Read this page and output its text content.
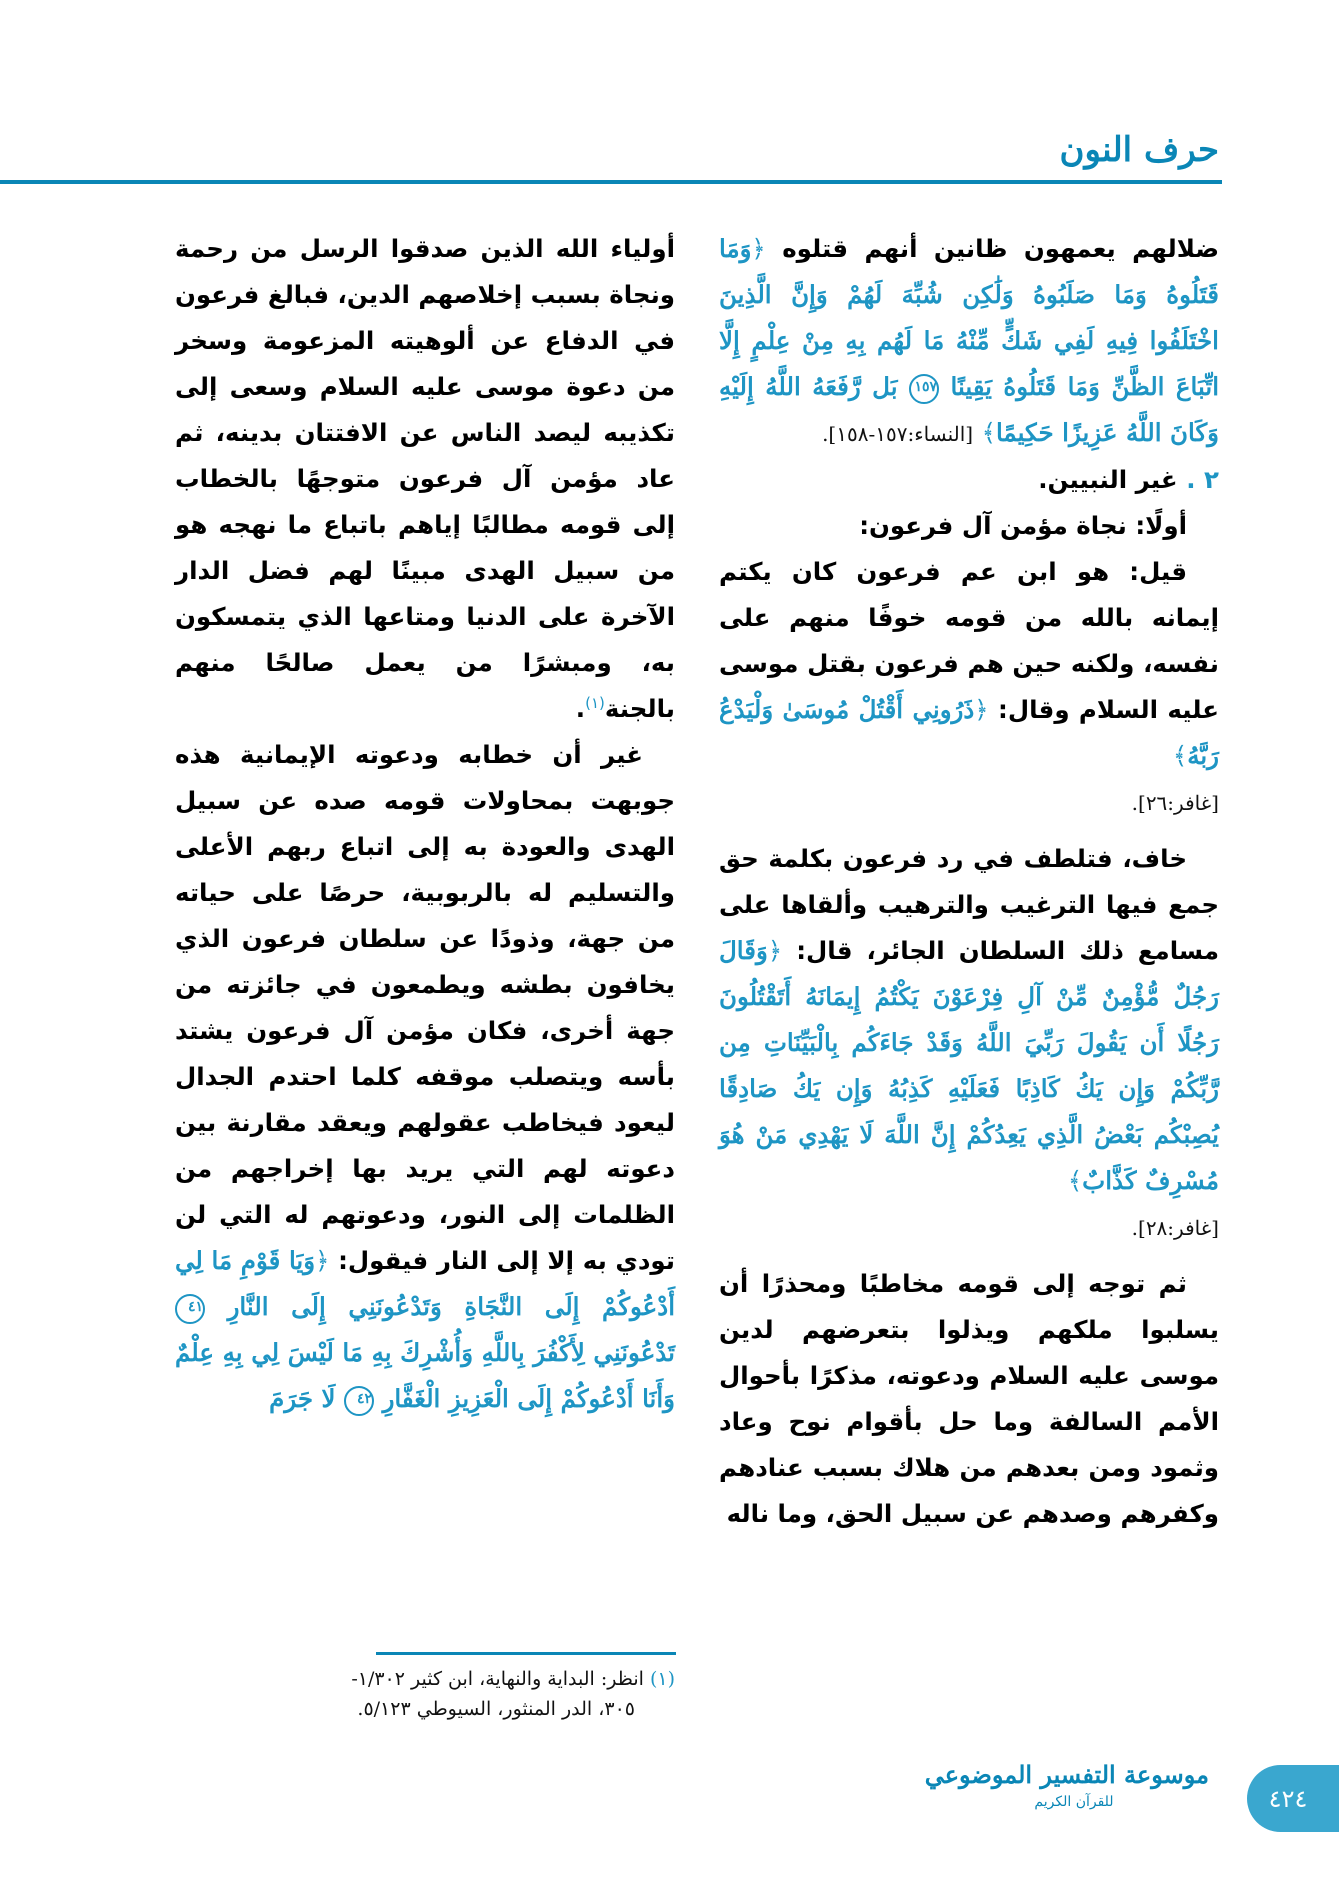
حرف النون

ضلالهم يعمهون ظانين أنهم قتلوه ﴿وَمَا قَتَلُوهُ وَمَا صَلَبُوهُ وَلَٰكِن شُبِّهَ لَهُمْ وَإِنَّ الَّذِينَ اخْتَلَفُوا فِيهِ لَفِي شَكٍّ مِّنْهُ مَا لَهُم بِهِ مِنْ عِلْمٍ إِلَّا اتِّبَاعَ الظَّنِّ وَمَا قَتَلُوهُ يَقِينًا ١٥٧ بَل رَّفَعَهُ اللَّهُ إِلَيْهِ وَكَانَ اللَّهُ عَزِيزًا حَكِيمًا﴾ [النساء:١٥٧-١٥٨].

٢ . غير النبيين.

أولًا: نجاة مؤمن آل فرعون:

قيل: هو ابن عم فرعون كان يكتم إيمانه بالله من قومه خوفًا منهم على نفسه، ولكنه حين هم فرعون بقتل موسى عليه السلام وقال: ﴿ذَرُونِي أَقْتُلْ مُوسَىٰ وَلْيَدْعُ رَبَّهُ﴾
[غافر:٢٦].

خاف، فتلطف في رد فرعون بكلمة حق جمع فيها الترغيب والترهيب وألقاها على مسامع ذلك السلطان الجائر، قال: ﴿وَقَالَ رَجُلٌ مُّؤْمِنٌ مِّنْ آلِ فِرْعَوْنَ يَكْتُمُ إِيمَانَهُ أَتَقْتُلُونَ رَجُلًا أَن يَقُولَ رَبِّيَ اللَّهُ وَقَدْ جَاءَكُم بِالْبَيِّنَاتِ مِن رَّبِّكُمْ وَإِن يَكُ كَاذِبًا فَعَلَيْهِ كَذِبُهُ وَإِن يَكُ صَادِقًا يُصِبْكُم بَعْضُ الَّذِي يَعِدُكُمْ إِنَّ اللَّهَ لَا يَهْدِي مَنْ هُوَ مُسْرِفٌ كَذَّابٌ﴾
[غافر:٢٨].

ثم توجه إلى قومه مخاطبًا ومحذرًا أن يسلبوا ملكهم ويذلوا بتعرضهم لدين موسى عليه السلام ودعوته، مذكرًا بأحوال الأمم السالفة وما حل بأقوام نوح وعاد وثمود ومن بعدهم من هلاك بسبب عنادهم وكفرهم وصدهم عن سبيل الحق، وما ناله

أولياء الله الذين صدقوا الرسل من رحمة ونجاة بسبب إخلاصهم الدين، فبالغ فرعون في الدفاع عن ألوهيته المزعومة وسخر من دعوة موسى عليه السلام وسعى إلى تكذيبه ليصد الناس عن الافتتان بدينه، ثم عاد مؤمن آل فرعون متوجهًا بالخطاب إلى قومه مطالبًا إياهم باتباع ما نهجه هو من سبيل الهدى مبينًا لهم فضل الدار الآخرة على الدنيا ومتاعها الذي يتمسكون به، ومبشرًا من يعمل صالحًا منهم بالجنة$^{(١)}$.

غير أن خطابه ودعوته الإيمانية هذه جوبهت بمحاولات قومه صده عن سبيل الهدى والعودة به إلى اتباع ربهم الأعلى والتسليم له بالربوبية، حرصًا على حياته من جهة، وذودًا عن سلطان فرعون الذي يخافون بطشه ويطمعون في جائزته من جهة أخرى، فكان مؤمن آل فرعون يشتد بأسه ويتصلب موقفه كلما احتدم الجدال ليعود فيخاطب عقولهم ويعقد مقارنة بين دعوته لهم التي يريد بها إخراجهم من الظلمات إلى النور، ودعوتهم له التي لن تودي به إلا إلى النار فيقول: ﴿وَيَا قَوْمِ مَا لِي أَدْعُوكُمْ إِلَى النَّجَاةِ وَتَدْعُونَنِي إِلَى النَّارِ ٤١ تَدْعُونَنِي لِأَكْفُرَ بِاللَّهِ وَأُشْرِكَ بِهِ مَا لَيْسَ لِي بِهِ عِلْمٌ وَأَنَا أَدْعُوكُمْ إِلَى الْعَزِيزِ الْغَفَّارِ ٤٢ لَا جَرَمَ

(١) انظر: البداية والنهاية، ابن كثير ١/٣٠٢-
٣٠٥، الدر المنثور، السيوطي ٥/١٢٣.
موسوعة التفسير الموضوعي
للقرآن الكريم	٤٢٤
